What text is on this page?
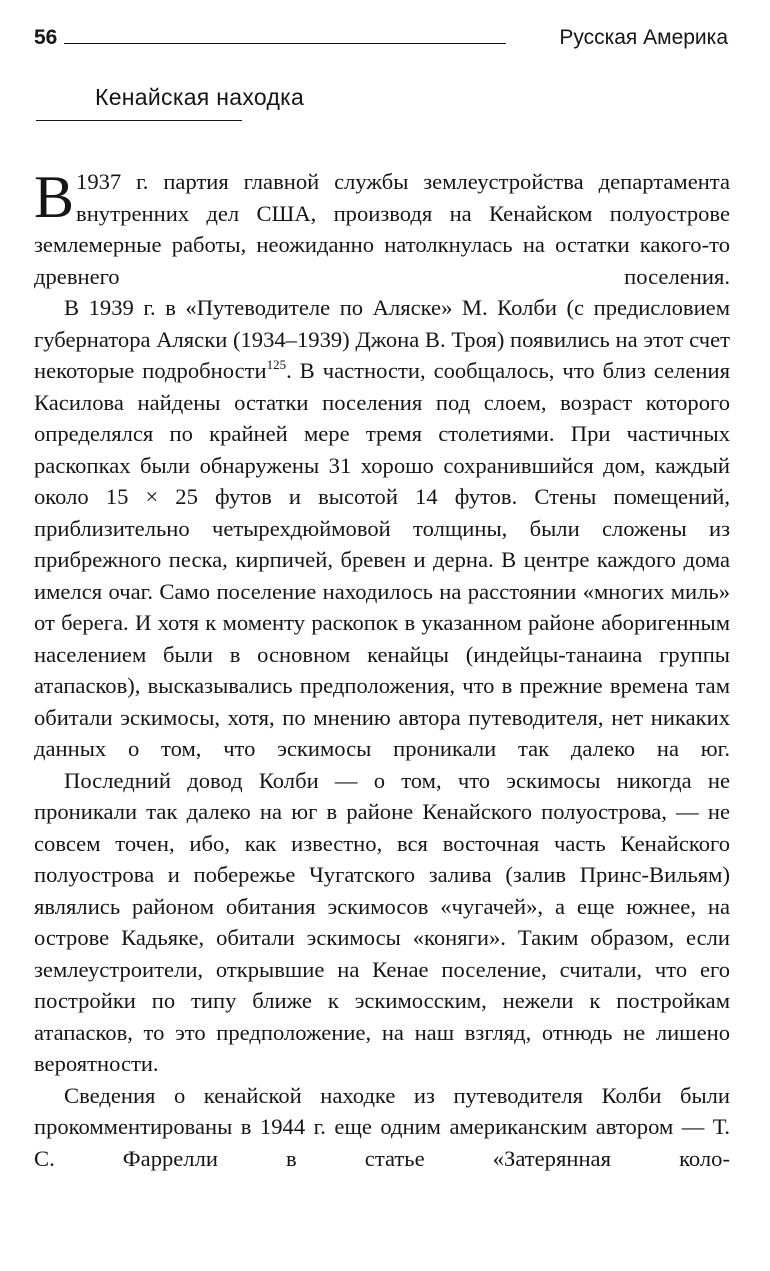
56	Русская Америка
Кенайская находка

В 1937 г. партия главной службы землеустройства департамента внутренних дел США, производя на Кенайском полуострове землемерные работы, неожиданно натолкнулась на остатки какого-то древнего поселения.

В 1939 г. в «Путеводителе по Аляске» М. Колби (с предисловием губернатора Аляски (1934–1939) Джона В. Троя) появились на этот счет некоторые подробности$^{125}$. В частности, сообщалось, что близ селения Касилова найдены остатки поселения под слоем, возраст которого определялся по крайней мере тремя столетиями. При частичных раскопках были обнаружены 31 хорошо сохранившийся дом, каждый около 15 × 25 футов и высотой 14 футов. Стены помещений, приблизительно четырехдюймовой толщины, были сложены из прибрежного песка, кирпичей, бревен и дерна. В центре каждого дома имелся очаг. Само поселение находилось на расстоянии «многих миль» от берега. И хотя к моменту раскопок в указанном районе аборигенным населением были в основном кенайцы (индейцы-танаина группы атапасков), высказывались предположения, что в прежние времена там обитали эскимосы, хотя, по мнению автора путеводителя, нет никаких данных о том, что эскимосы проникали так далеко на юг.

Последний довод Колби — о том, что эскимосы никогда не проникали так далеко на юг в районе Кенайского полуострова, — не совсем точен, ибо, как известно, вся восточная часть Кенайского полуострова и побережье Чугатского залива (залив Принс-Вильям) являлись районом обитания эскимосов «чугачей», а еще южнее, на острове Кадьяке, обитали эскимосы «коняги». Таким образом, если землеустроители, открывшие на Кенае поселение, считали, что его постройки по типу ближе к эскимосским, нежели к постройкам атапасков, то это предположение, на наш взгляд, отнюдь не лишено вероятности.

Сведения о кенайской находке из путеводителя Колби были прокомментированы в 1944 г. еще одним американским автором — Т. С. Фаррелли в статье «Затерянная коло-
